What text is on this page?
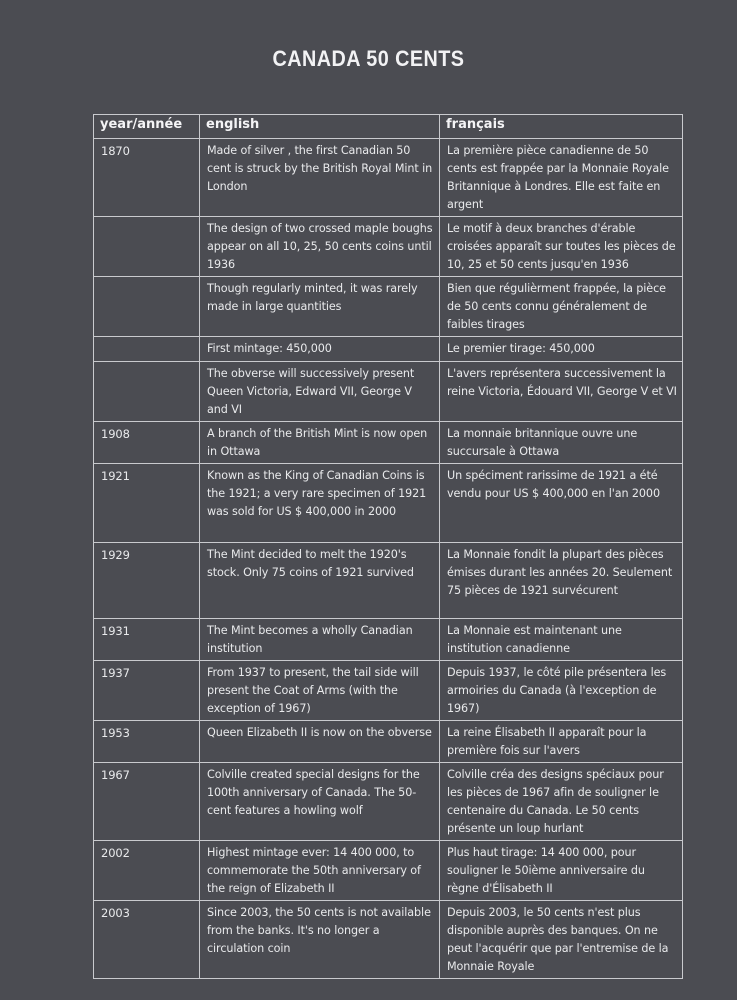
CANADA 50 CENTS
year/année	english	français
1870	Made of silver , the first Canadian 50 cent is struck by the British Royal Mint in London	La première pièce canadienne de 50 cents est frappée par la Monnaie Royale Britannique à Londres. Elle est faite en argent
	The design of two crossed maple boughs appear on all 10, 25, 50 cents coins until 1936	Le motif à deux branches d'érable croisées apparaît sur toutes les pièces de 10, 25 et 50 cents jusqu'en 1936
	Though regularly minted, it was rarely made in large quantities	Bien que régulièrment frappée, la pièce de 50 cents connu généralement de faibles tirages
	First mintage: 450,000	Le premier tirage: 450,000
	The obverse will successively present Queen Victoria, Edward VII, George V and VI	L'avers représentera successivement la reine Victoria, Édouard VII, George V et VI
1908	A branch of the British Mint is now open in Ottawa	La monnaie britannique ouvre une succursale à Ottawa
1921	Known as the King of Canadian Coins is the 1921; a very rare specimen of 1921 was sold for US $ 400,000 in 2000	Un spéciment rarissime de 1921 a été vendu pour US $ 400,000 en l'an 2000
1929	The Mint decided to melt the 1920's stock. Only 75 coins of 1921 survived	La Monnaie fondit la plupart des pièces émises durant les années 20. Seulement 75 pièces de 1921 survécurent
1931	The Mint becomes a wholly Canadian institution	La Monnaie est maintenant une institution canadienne
1937	From 1937 to present, the tail side will present the Coat of Arms (with the exception of 1967)	Depuis 1937, le côté pile présentera les armoiries du Canada (à l'exception de 1967)
1953	Queen Elizabeth II is now on the obverse	La reine Élisabeth II apparaît pour la première fois sur l'avers
1967	Colville created special designs for the 100th anniversary of Canada. The 50-cent features a howling wolf	Colville créa des designs spéciaux pour les pièces de 1967 afin de souligner le centenaire du Canada. Le 50 cents présente un loup hurlant
2002	Highest mintage ever: 14 400 000, to commemorate the 50th anniversary of the reign of Elizabeth II	Plus haut tirage: 14 400 000, pour souligner le 50ième anniversaire du règne d'Élisabeth II
2003	Since 2003, the 50 cents is not available from the banks. It's no longer a circulation coin	Depuis 2003, le 50 cents n'est plus disponible auprès des banques. On ne peut l'acquérir que par l'entremise de la Monnaie Royale
